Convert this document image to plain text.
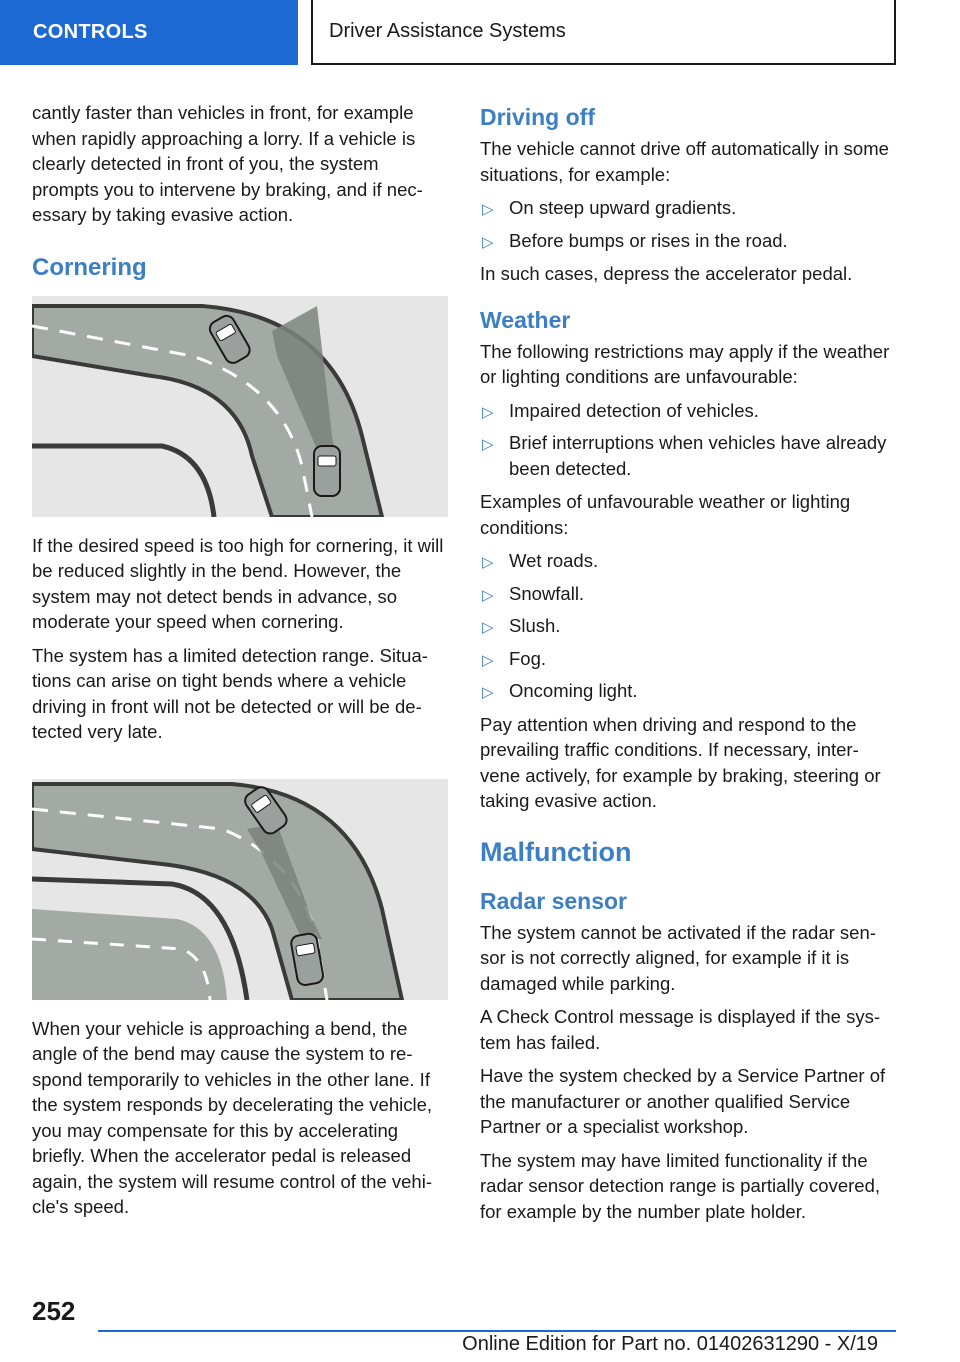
CONTROLS	Driver Assistance Systems

cantly faster than vehicles in front, for example when rapidly approaching a lorry. If a vehicle is clearly detected in front of you, the system prompts you to intervene by braking, and if nec‐ essary by taking evasive action.

Cornering

If the desired speed is too high for cornering, it will be reduced slightly in the bend. However, the system may not detect bends in advance, so moderate your speed when cornering.

The system has a limited detection range. Situa‐ tions can arise on tight bends where a vehicle driving in front will not be detected or will be de‐ tected very late.

When your vehicle is approaching a bend, the angle of the bend may cause the system to re‐ spond temporarily to vehicles in the other lane. If the system responds by decelerating the vehicle, you may compensate for this by accelerating briefly. When the accelerator pedal is released again, the system will resume control of the vehi‐ cle's speed.

Driving off

The vehicle cannot drive off automatically in some situations, for example:

▷ On steep upward gradients.
▷ Before bumps or rises in the road.

In such cases, depress the accelerator pedal.

Weather

The following restrictions may apply if the weather or lighting conditions are unfavourable:

▷ Impaired detection of vehicles.
▷ Brief interruptions when vehicles have already been detected.

Examples of unfavourable weather or lighting conditions:

▷ Wet roads.
▷ Snowfall.
▷ Slush.
▷ Fog.
▷ Oncoming light.

Pay attention when driving and respond to the prevailing traffic conditions. If necessary, inter‐ vene actively, for example by braking, steering or taking evasive action.

Malfunction
Radar sensor

The system cannot be activated if the radar sen‐ sor is not correctly aligned, for example if it is damaged while parking.

A Check Control message is displayed if the sys‐ tem has failed.

Have the system checked by a Service Partner of the manufacturer or another qualified Service Partner or a specialist workshop.

The system may have limited functionality if the radar sensor detection range is partially covered, for example by the number plate holder.

252
Online Edition for Part no. 01402631290 - X/19
